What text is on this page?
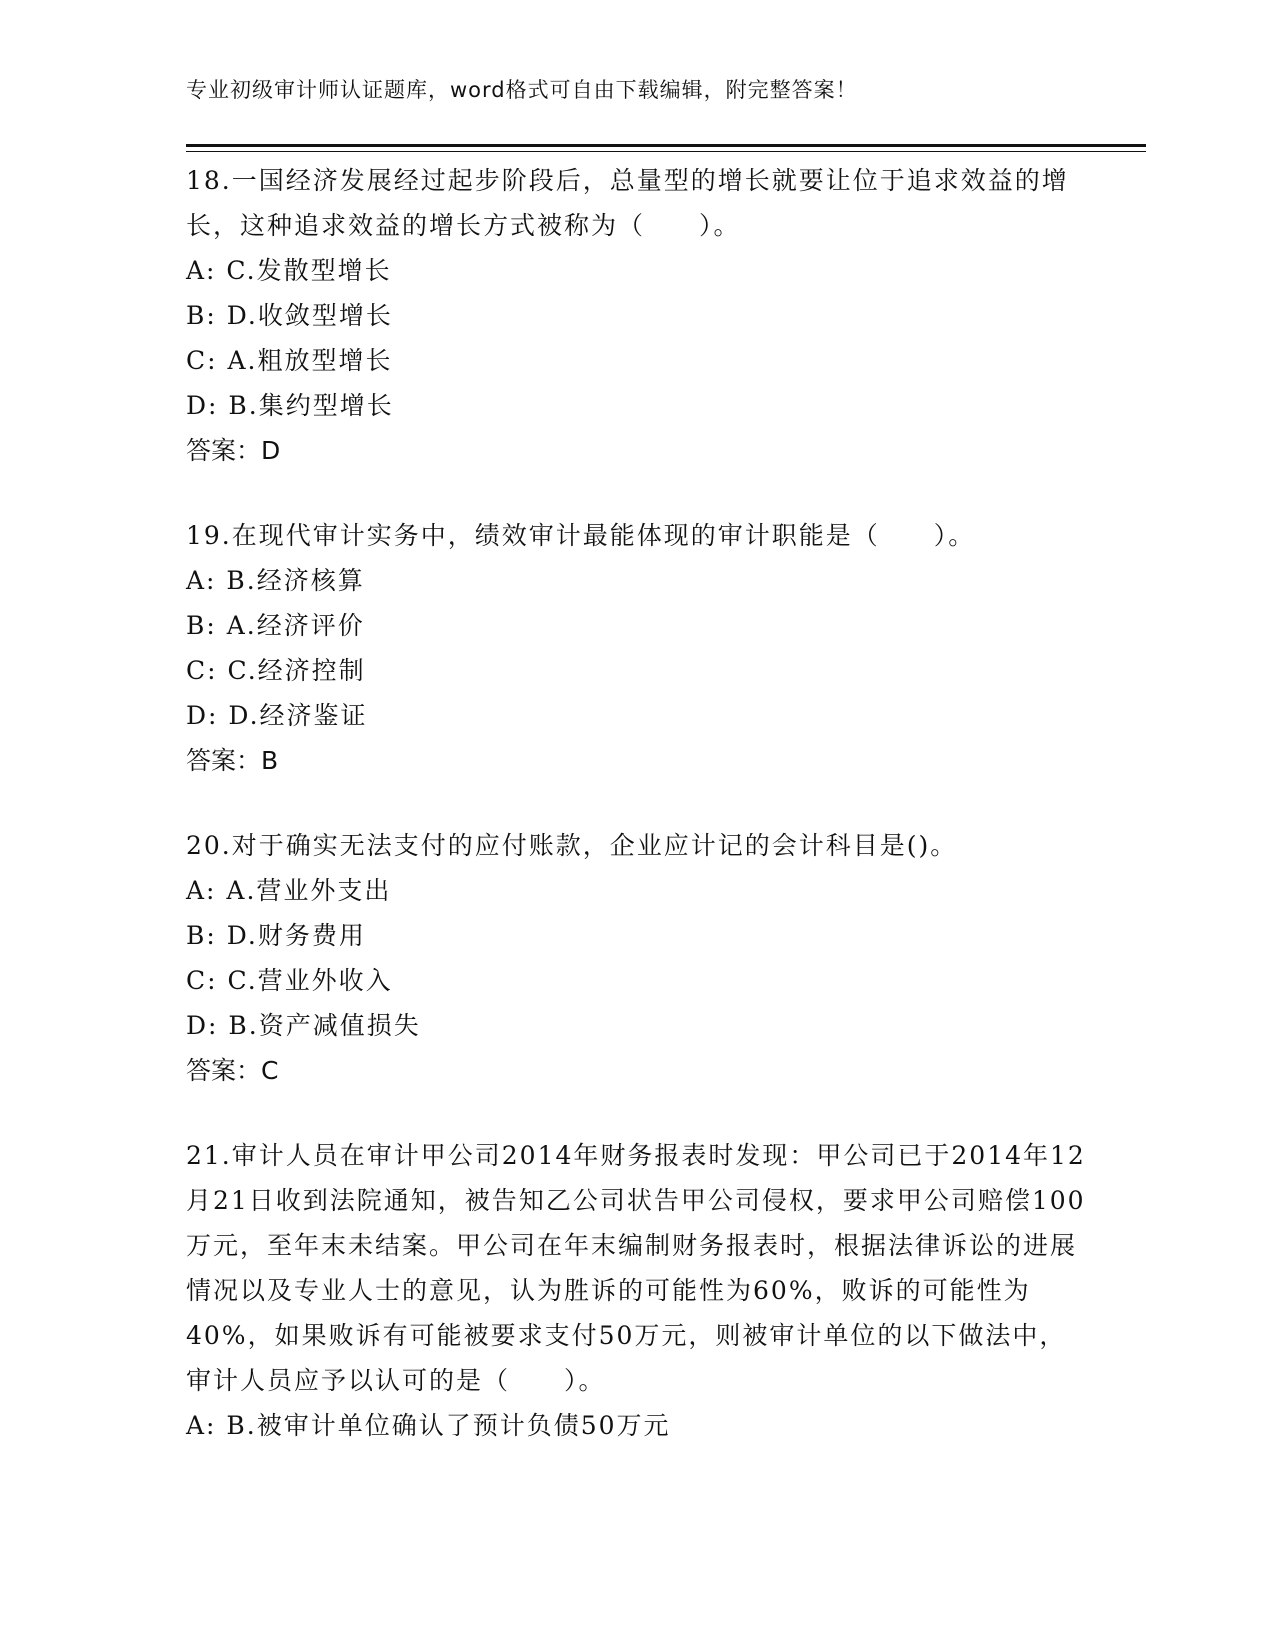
专业初级审计师认证题库，word格式可自由下载编辑，附完整答案！
18.一国经济发展经过起步阶段后，总量型的增长就要让位于追求效益的增长，这种追求效益的增长方式被称为（　　）。
A: C.发散型增长
B: D.收敛型增长
C: A.粗放型增长
D: B.集约型增长
答案：D
19.在现代审计实务中，绩效审计最能体现的审计职能是（　　）。
A: B.经济核算
B: A.经济评价
C: C.经济控制
D: D.经济鉴证
答案：B
20.对于确实无法支付的应付账款，企业应计记的会计科目是()。
A: A.营业外支出
B: D.财务费用
C: C.营业外收入
D: B.资产减值损失
答案：C
21.审计人员在审计甲公司2014年财务报表时发现：甲公司已于2014年12月21日收到法院通知，被告知乙公司状告甲公司侵权，要求甲公司赔偿100万元，至年末未结案。甲公司在年末编制财务报表时，根据法律诉讼的进展情况以及专业人士的意见，认为胜诉的可能性为60%，败诉的可能性为40%，如果败诉有可能被要求支付50万元，则被审计单位的以下做法中，审计人员应予以认可的是（　　）。
A: B.被审计单位确认了预计负债50万元
